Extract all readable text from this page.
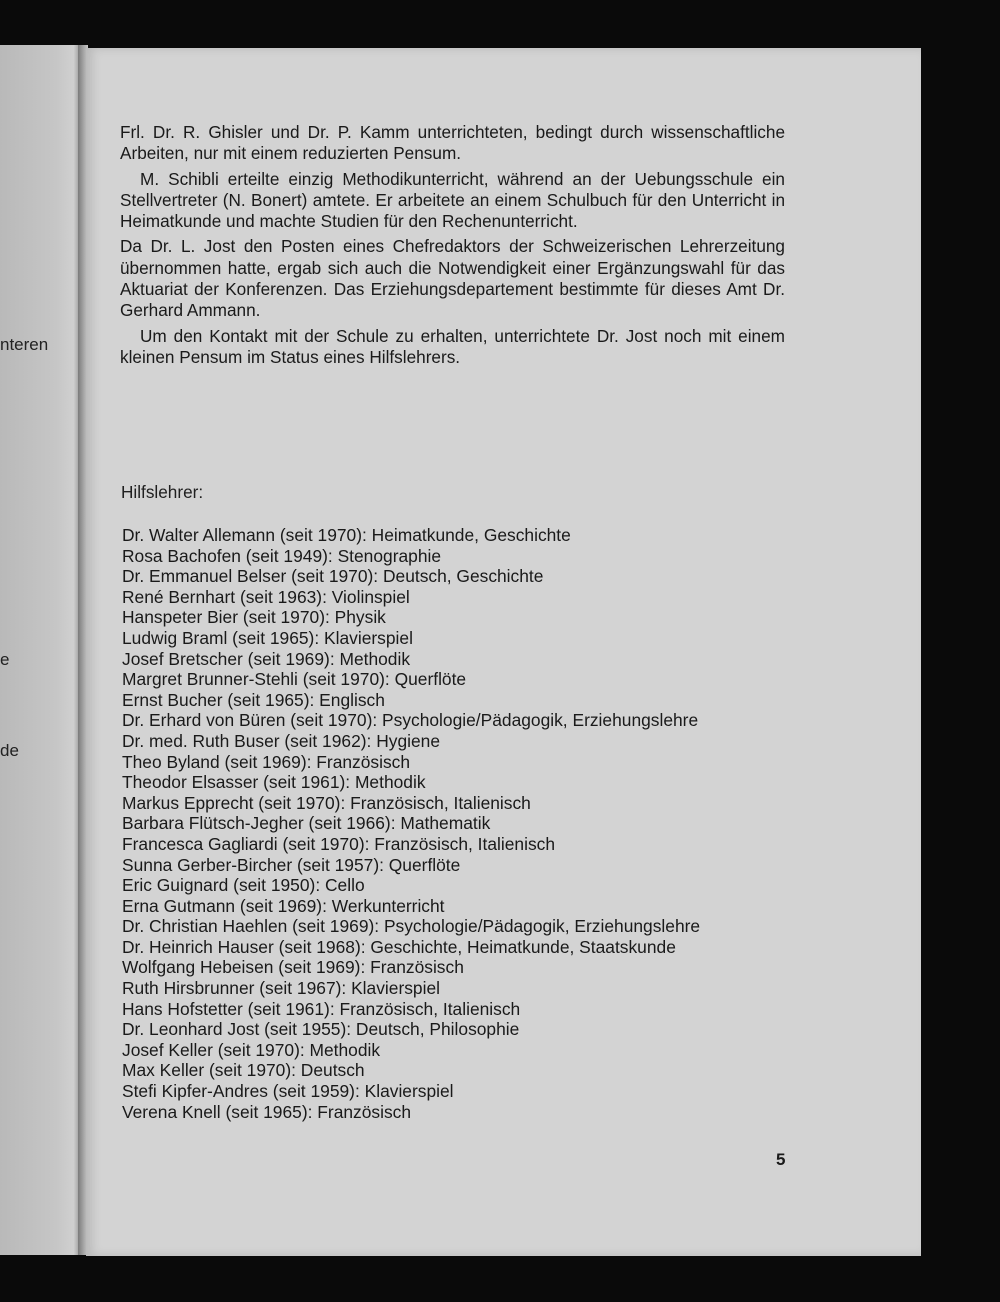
nteren
e
de

Frl. Dr. R. Ghisler und Dr. P. Kamm unterrichteten, bedingt durch wissenschaftliche Arbeiten, nur mit einem reduzierten Pensum.

M. Schibli erteilte einzig Methodikunterricht, während an der Uebungsschule ein Stellvertreter (N. Bonert) amtete. Er arbeitete an einem Schulbuch für den Unterricht in Heimatkunde und machte Studien für den Rechenunterricht.

Da Dr. L. Jost den Posten eines Chefredaktors der Schweizerischen Lehrerzeitung übernommen hatte, ergab sich auch die Notwendigkeit einer Ergänzungswahl für das Aktuariat der Konferenzen. Das Erziehungsdepartement bestimmte für dieses Amt Dr. Gerhard Ammann.

Um den Kontakt mit der Schule zu erhalten, unterrichtete Dr. Jost noch mit einem kleinen Pensum im Status eines Hilfslehrers.

Hilfslehrer:
Dr. Walter Allemann (seit 1970): Heimatkunde, Geschichte
Rosa Bachofen (seit 1949): Stenographie
Dr. Emmanuel Belser (seit 1970): Deutsch, Geschichte
René Bernhart (seit 1963): Violinspiel
Hanspeter Bier (seit 1970): Physik
Ludwig Braml (seit 1965): Klavierspiel
Josef Bretscher (seit 1969): Methodik
Margret Brunner-Stehli (seit 1970): Querflöte
Ernst Bucher (seit 1965): Englisch
Dr. Erhard von Büren (seit 1970): Psychologie/Pädagogik, Erziehungslehre
Dr. med. Ruth Buser (seit 1962): Hygiene
Theo Byland (seit 1969): Französisch
Theodor Elsasser (seit 1961): Methodik
Markus Epprecht (seit 1970): Französisch, Italienisch
Barbara Flütsch-Jegher (seit 1966): Mathematik
Francesca Gagliardi (seit 1970): Französisch, Italienisch
Sunna Gerber-Bircher (seit 1957): Querflöte
Eric Guignard (seit 1950): Cello
Erna Gutmann (seit 1969): Werkunterricht
Dr. Christian Haehlen (seit 1969): Psychologie/Pädagogik, Erziehungslehre
Dr. Heinrich Hauser (seit 1968): Geschichte, Heimatkunde, Staatskunde
Wolfgang Hebeisen (seit 1969): Französisch
Ruth Hirsbrunner (seit 1967): Klavierspiel
Hans Hofstetter (seit 1961): Französisch, Italienisch
Dr. Leonhard Jost (seit 1955): Deutsch, Philosophie
Josef Keller (seit 1970): Methodik
Max Keller (seit 1970): Deutsch
Stefi Kipfer-Andres (seit 1959): Klavierspiel
Verena Knell (seit 1965): Französisch
5
